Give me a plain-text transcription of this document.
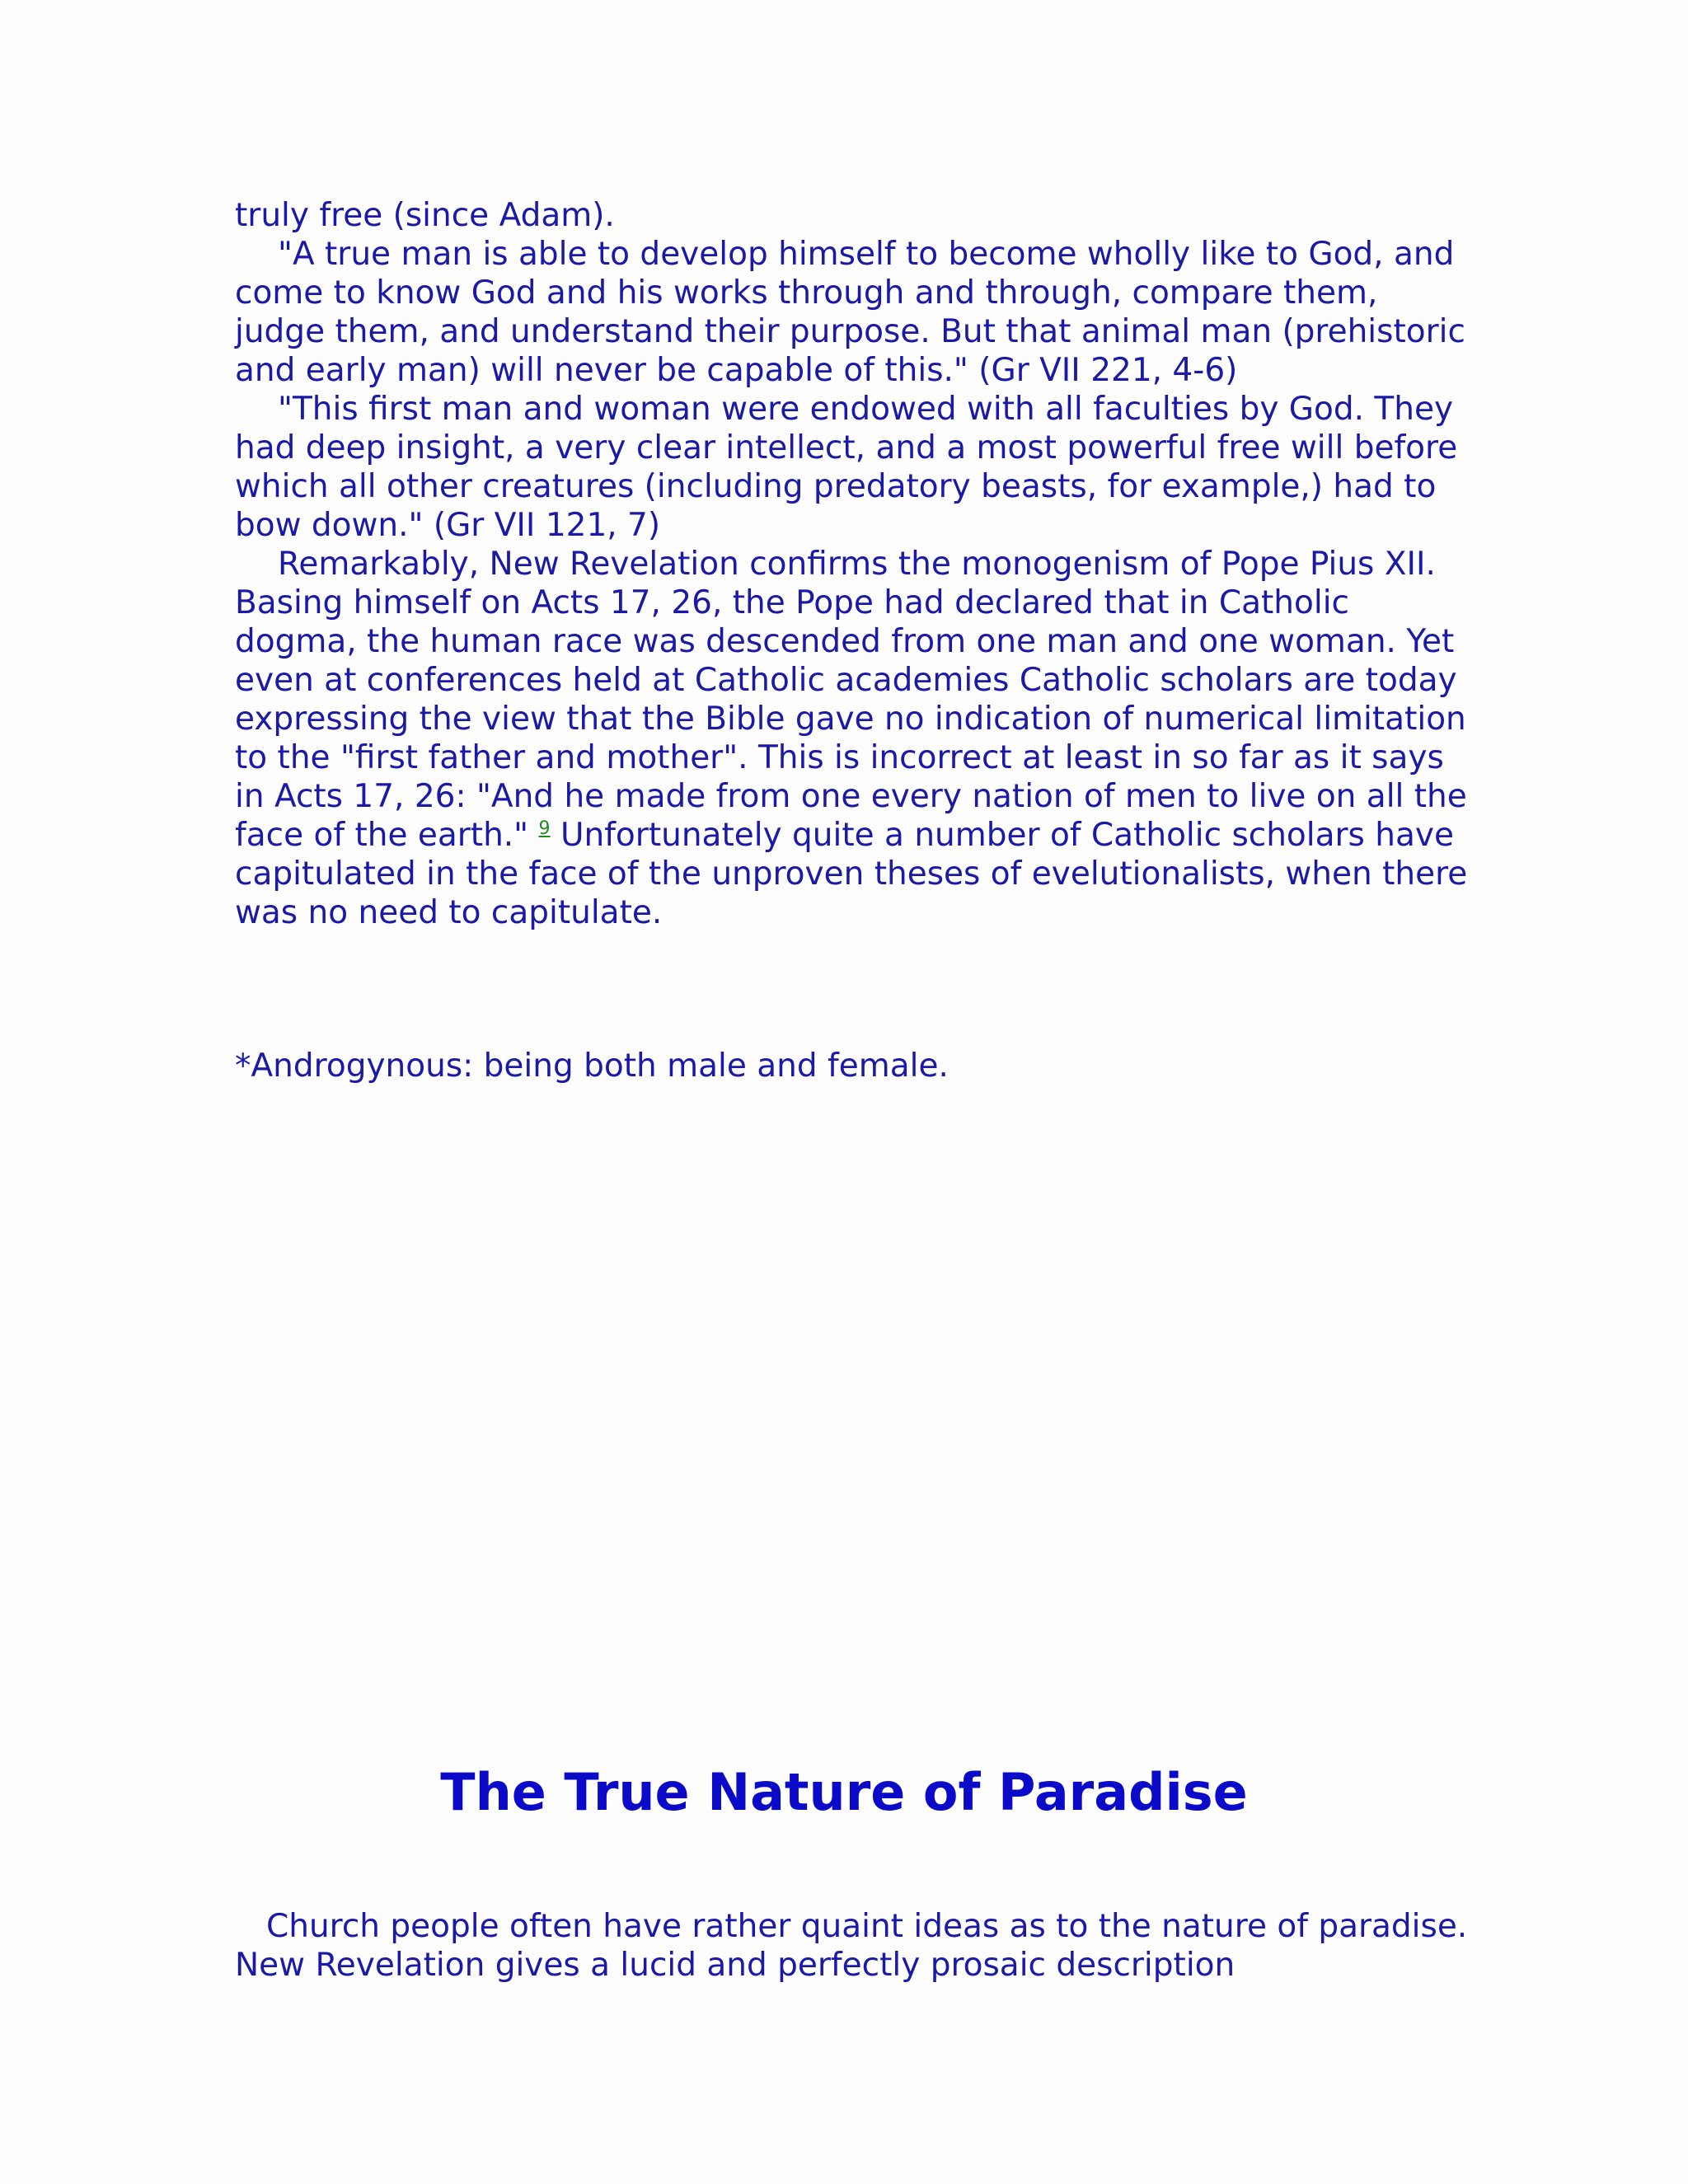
truly free (since Adam).

"A true man is able to develop himself to become wholly like to God, and come to know God and his works through and through, compare them, judge them, and understand their purpose. But that animal man (prehistoric and early man) will never be capable of this." (Gr VII 221, 4-6)

"This first man and woman were endowed with all faculties by God. They had deep insight, a very clear intellect, and a most powerful free will before which all other creatures (including predatory beasts, for example,) had to bow down." (Gr VII 121, 7)

Remarkably, New Revelation confirms the monogenism of Pope Pius XII. Basing himself on Acts 17, 26, the Pope had declared that in Catholic dogma, the human race was descended from one man and one woman. Yet even at conferences held at Catholic academies Catholic scholars are today expressing the view that the Bible gave no indication of numerical limitation to the "first father and mother". This is incorrect at least in so far as it says in Acts 17, 26: "And he made from one every nation of men to live on all the face of the earth." $^9$ Unfortunately quite a number of Catholic scholars have capitulated in the face of the unproven theses of evelutionalists, when there was no need to capitulate.

*Androgynous: being both male and female.
The True Nature of Paradise

Church people often have rather quaint ideas as to the nature of paradise. New Revelation gives a lucid and perfectly prosaic description
